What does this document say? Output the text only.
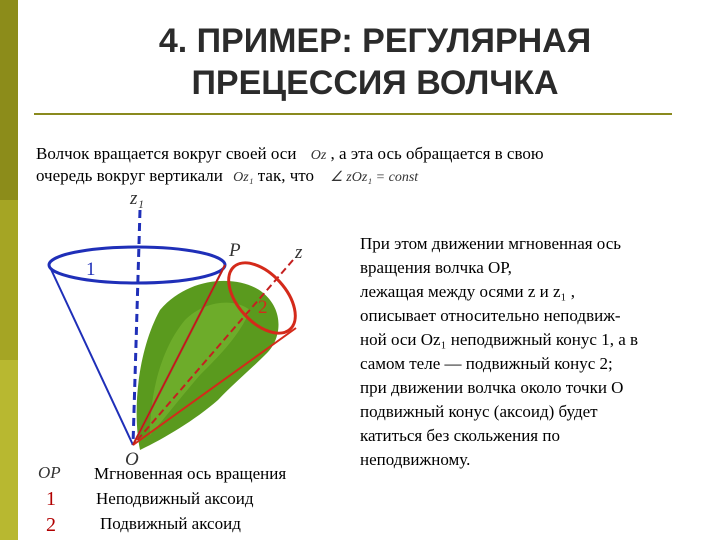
4. ПРИМЕР: РЕГУЛЯРНАЯ
ПРЕЦЕССИЯ ВОЛЧКА
Волчок вращается вокруг своей оси Oz , а эта ось обращается в свою
очередь вокруг вертикали Oz₁ так, что ∠ zOz₁ = const
z₁
P	z
O
1
2
OP Мгновенная ось вращения
1 Неподвижный аксоид
2	Подвижный аксоид
При этом движении мгновенная ось
вращения волчка ОР,
лежащая между осями z и z₁ ,
описывает относительно неподвиж-
ной оси Oz₁ неподвижный конус 1, а в
самом теле — подвижный конус 2;
при движении волчка около точки О
подвижный конус (аксоид) будет
катиться без скольжения по
неподвижному.
